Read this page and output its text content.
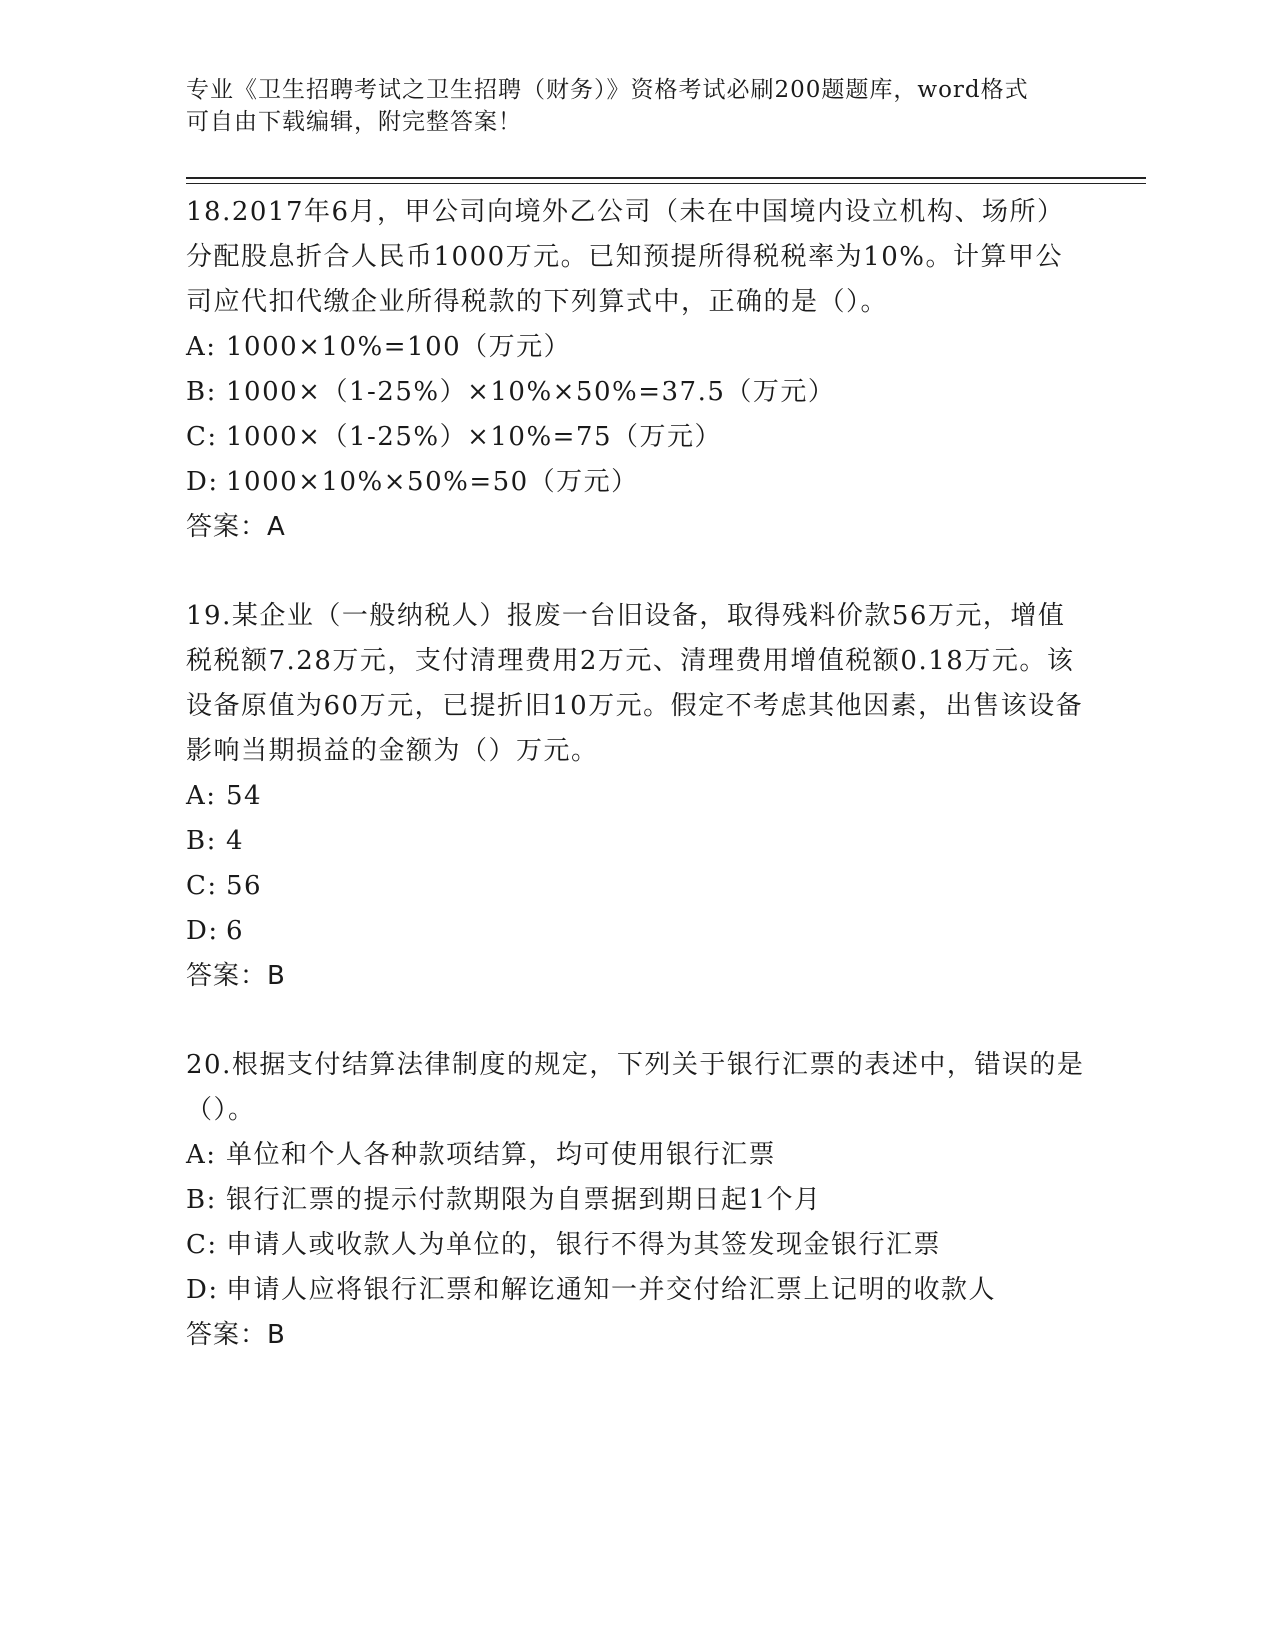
专业《卫生招聘考试之卫生招聘（财务）》资格考试必刷200题题库，word格式

可自由下载编辑，附完整答案！

18.2017年6月，甲公司向境外乙公司（未在中国境内设立机构、场所）分配股息折合人民币1000万元。已知预提所得税税率为10%。计算甲公司应代扣代缴企业所得税款的下列算式中，正确的是（）。

A: 1000×10%=100（万元）
B: 1000×（1-25%）×10%×50%=37.5（万元）
C: 1000×（1-25%）×10%=75（万元）
D: 1000×10%×50%=50（万元）
答案：A

19.某企业（一般纳税人）报废一台旧设备，取得残料价款56万元，增值税税额7.28万元，支付清理费用2万元、清理费用增值税额0.18万元。该设备原值为60万元，已提折旧10万元。假定不考虑其他因素，出售该设备影响当期损益的金额为（）万元。

A: 54
B: 4
C: 56
D: 6
答案：B

20.根据支付结算法律制度的规定，下列关于银行汇票的表述中，错误的是（）。

A: 单位和个人各种款项结算，均可使用银行汇票
B: 银行汇票的提示付款期限为自票据到期日起1个月
C: 申请人或收款人为单位的，银行不得为其签发现金银行汇票
D: 申请人应将银行汇票和解讫通知一并交付给汇票上记明的收款人
答案：B
